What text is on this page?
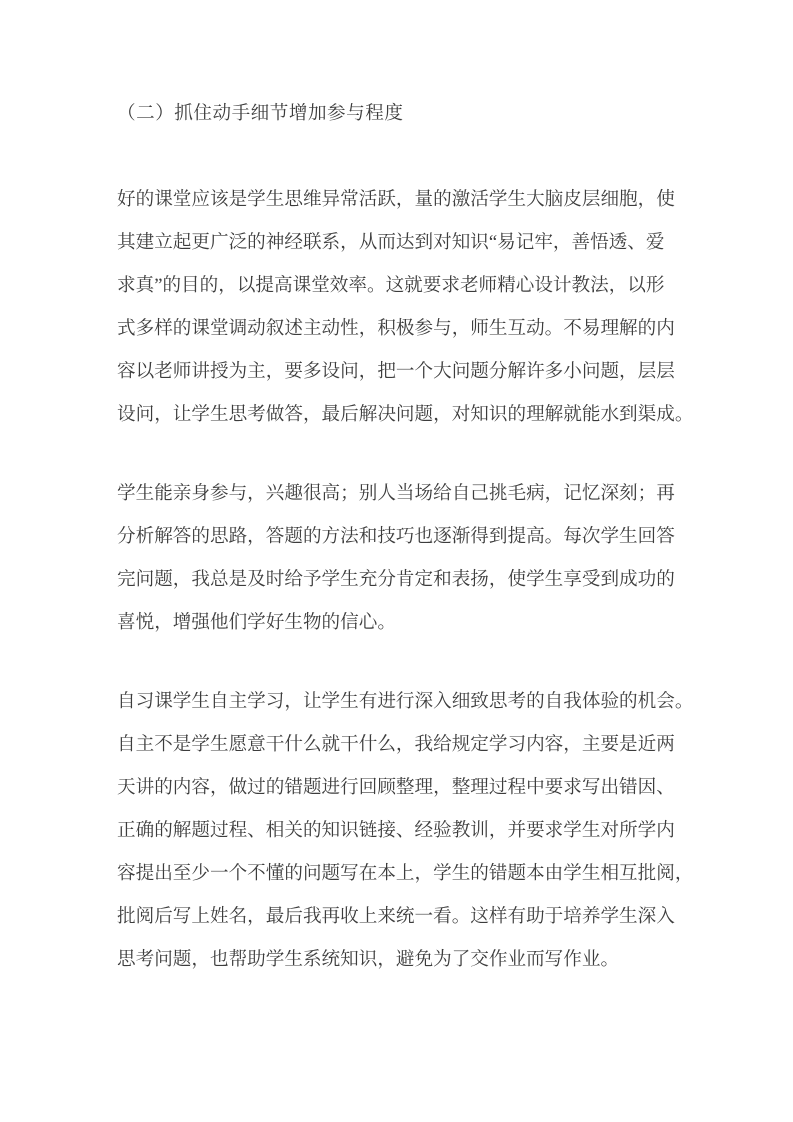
（二）抓住动手细节增加参与程度
好的课堂应该是学生思维异常活跃，量的激活学生大脑皮层细胞，使
其建立起更广泛的神经联系，从而达到对知识“易记牢，善悟透、爱
求真”的目的，以提高课堂效率。这就要求老师精心设计教法，以形
式多样的课堂调动叙述主动性，积极参与，师生互动。不易理解的内
容以老师讲授为主，要多设问，把一个大问题分解许多小问题，层层
设问，让学生思考做答，最后解决问题，对知识的理解就能水到渠成。
学生能亲身参与，兴趣很高；别人当场给自己挑毛病，记忆深刻；再
分析解答的思路，答题的方法和技巧也逐渐得到提高。每次学生回答
完问题，我总是及时给予学生充分肯定和表扬，使学生享受到成功的
喜悦，增强他们学好生物的信心。
自习课学生自主学习，让学生有进行深入细致思考的自我体验的机会。
自主不是学生愿意干什么就干什么，我给规定学习内容，主要是近两
天讲的内容，做过的错题进行回顾整理，整理过程中要求写出错因、
正确的解题过程、相关的知识链接、经验教训，并要求学生对所学内
容提出至少一个不懂的问题写在本上，学生的错题本由学生相互批阅，
批阅后写上姓名，最后我再收上来统一看。这样有助于培养学生深入
思考问题，也帮助学生系统知识，避免为了交作业而写作业。
